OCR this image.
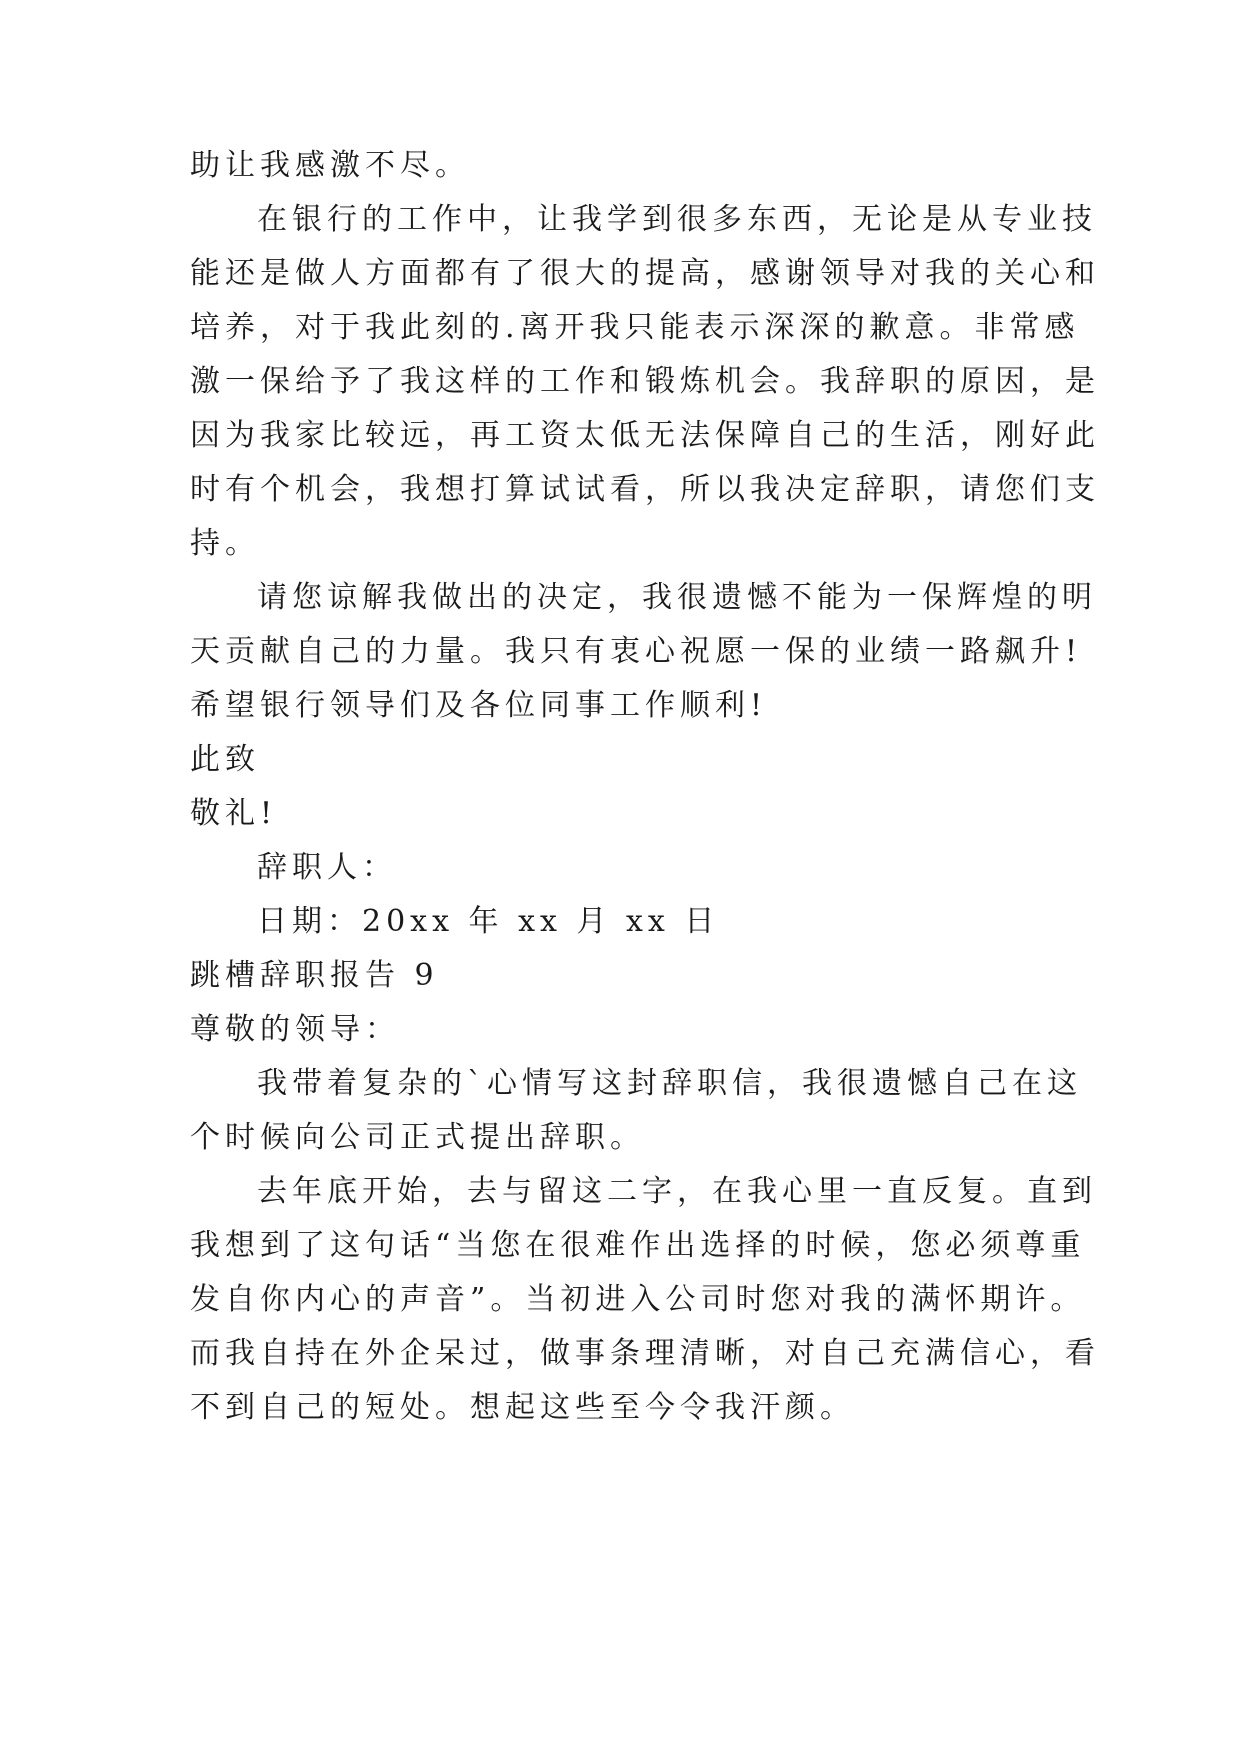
助让我感激不尽。
在银行的工作中，让我学到很多东西，无论是从专业技
能还是做人方面都有了很大的提高，感谢领导对我的关心和
培养，对于我此刻的.离开我只能表示深深的歉意。非常感
激一保给予了我这样的工作和锻炼机会。我辞职的原因，是
因为我家比较远，再工资太低无法保障自己的生活，刚好此
时有个机会，我想打算试试看，所以我决定辞职，请您们支
持。
请您谅解我做出的决定，我很遗憾不能为一保辉煌的明
天贡献自己的力量。我只有衷心祝愿一保的业绩一路飙升!
希望银行领导们及各位同事工作顺利!
此致
敬礼!
辞职人：
日期：20xx 年 xx 月 xx 日
跳槽辞职报告 9
尊敬的领导：
我带着复杂的`心情写这封辞职信，我很遗憾自己在这
个时候向公司正式提出辞职。
去年底开始，去与留这二字，在我心里一直反复。直到
我想到了这句话“当您在很难作出选择的时候，您必须尊重
发自你内心的声音”。当初进入公司时您对我的满怀期许。
而我自持在外企呆过，做事条理清晰，对自己充满信心，看
不到自己的短处。想起这些至今令我汗颜。
